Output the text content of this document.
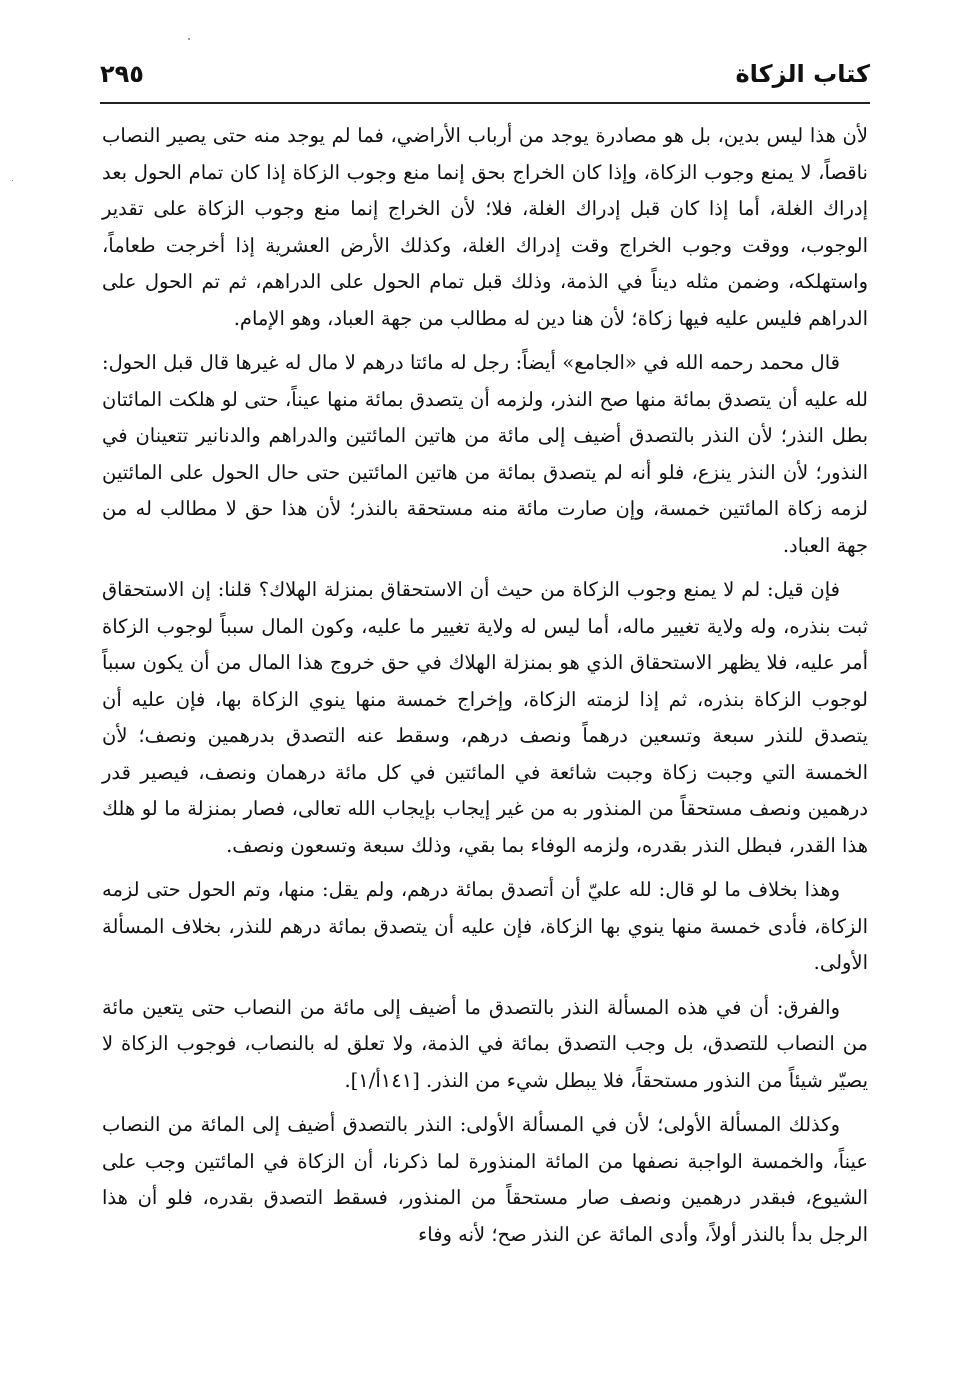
كتاب الزكاة
٢٩٥

لأن هذا ليس بدين، بل هو مصادرة يوجد من أرباب الأراضي، فما لم يوجد منه حتى يصير النصاب ناقصاً، لا يمنع وجوب الزكاة، وإذا كان الخراج بحق إنما منع وجوب الزكاة إذا كان تمام الحول بعد إدراك الغلة، أما إذا كان قبل إدراك الغلة، فلا؛ لأن الخراج إنما منع وجوب الزكاة على تقدير الوجوب، ووقت وجوب الخراج وقت إدراك الغلة، وكذلك الأرض العشرية إذا أخرجت طعاماً، واستهلكه، وضمن مثله ديناً في الذمة، وذلك قبل تمام الحول على الدراهم، ثم تم الحول على الدراهم فليس عليه فيها زكاة؛ لأن هنا دين له مطالب من جهة العباد، وهو الإمام.

قال محمد رحمه الله في «الجامع» أيضاً: رجل له مائتا درهم لا مال له غيرها قال قبل الحول: لله عليه أن يتصدق بمائة منها صح النذر، ولزمه أن يتصدق بمائة منها عيناً، حتى لو هلكت المائتان بطل النذر؛ لأن النذر بالتصدق أضيف إلى مائة من هاتين المائتين والدراهم والدنانير تتعينان في النذور؛ لأن النذر ينزع، فلو أنه لم يتصدق بمائة من هاتين المائتين حتى حال الحول على المائتين لزمه زكاة المائتين خمسة، وإن صارت مائة منه مستحقة بالنذر؛ لأن هذا حق لا مطالب له من جهة العباد.

فإن قيل: لم لا يمنع وجوب الزكاة من حيث أن الاستحقاق بمنزلة الهلاك؟ قلنا: إن الاستحقاق ثبت بنذره، وله ولاية تغيير ماله، أما ليس له ولاية تغيير ما عليه، وكون المال سبباً لوجوب الزكاة أمر عليه، فلا يظهر الاستحقاق الذي هو بمنزلة الهلاك في حق خروج هذا المال من أن يكون سبباً لوجوب الزكاة بنذره، ثم إذا لزمته الزكاة، وإخراج خمسة منها ينوي الزكاة بها، فإن عليه أن يتصدق للنذر سبعة وتسعين درهماً ونصف درهم، وسقط عنه التصدق بدرهمين ونصف؛ لأن الخمسة التي وجبت زكاة وجبت شائعة في المائتين في كل مائة درهمان ونصف، فيصير قدر درهمين ونصف مستحقاً من المنذور به من غير إيجاب بإيجاب الله تعالى، فصار بمنزلة ما لو هلك هذا القدر، فبطل النذر بقدره، ولزمه الوفاء بما بقي، وذلك سبعة وتسعون ونصف.

وهذا بخلاف ما لو قال: لله عليّ أن أتصدق بمائة درهم، ولم يقل: منها، وتم الحول حتى لزمه الزكاة، فأدى خمسة منها ينوي بها الزكاة، فإن عليه أن يتصدق بمائة درهم للنذر، بخلاف المسألة الأولى.

والفرق: أن في هذه المسألة النذر بالتصدق ما أضيف إلى مائة من النصاب حتى يتعين مائة من النصاب للتصدق، بل وجب التصدق بمائة في الذمة، ولا تعلق له بالنصاب، فوجوب الزكاة لا يصيّر شيئاً من النذور مستحقاً، فلا يبطل شيء من النذر. [١٤١أ/١].

وكذلك المسألة الأولى؛ لأن في المسألة الأولى: النذر بالتصدق أضيف إلى المائة من النصاب عيناً، والخمسة الواجبة نصفها من المائة المنذورة لما ذكرنا، أن الزكاة في المائتين وجب على الشيوع، فبقدر درهمين ونصف صار مستحقاً من المنذور، فسقط التصدق بقدره، فلو أن هذا الرجل بدأ بالنذر أولاً، وأدى المائة عن النذر صح؛ لأنه وفاء
